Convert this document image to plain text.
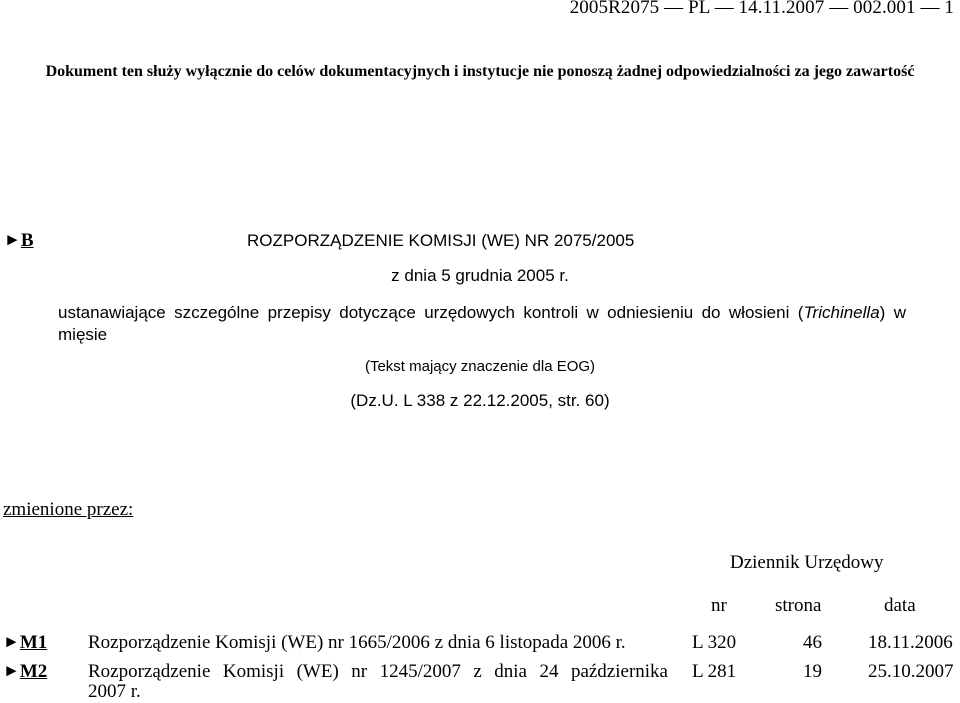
2005R2075 — PL — 14.11.2007 — 002.001 — 1
Dokument ten służy wyłącznie do celów dokumentacyjnych i instytucje nie ponoszą żadnej odpowiedzialności za jego zawartość
►B	ROZPORZĄDZENIE KOMISJI (WE) NR 2075/2005
z dnia 5 grudnia 2005 r.
ustanawiające szczególne przepisy dotyczące urzędowych kontroli w odniesieniu do włosieni (Trichinella) w mięsie
(Tekst mający znaczenie dla EOG)
(Dz.U. L 338 z 22.12.2005, str. 60)
zmienione przez:
Dziennik Urzędowy
nr	strona	data
►M1 Rozporządzenie Komisji (WE) nr 1665/2006 z dnia 6 listopada 2006 r.	L 320	46 18.11.2006
►M2 Rozporządzenie Komisji (WE) nr 1245/2007 z dnia 24 października
2007 r.
L 281	19 25.10.2007
